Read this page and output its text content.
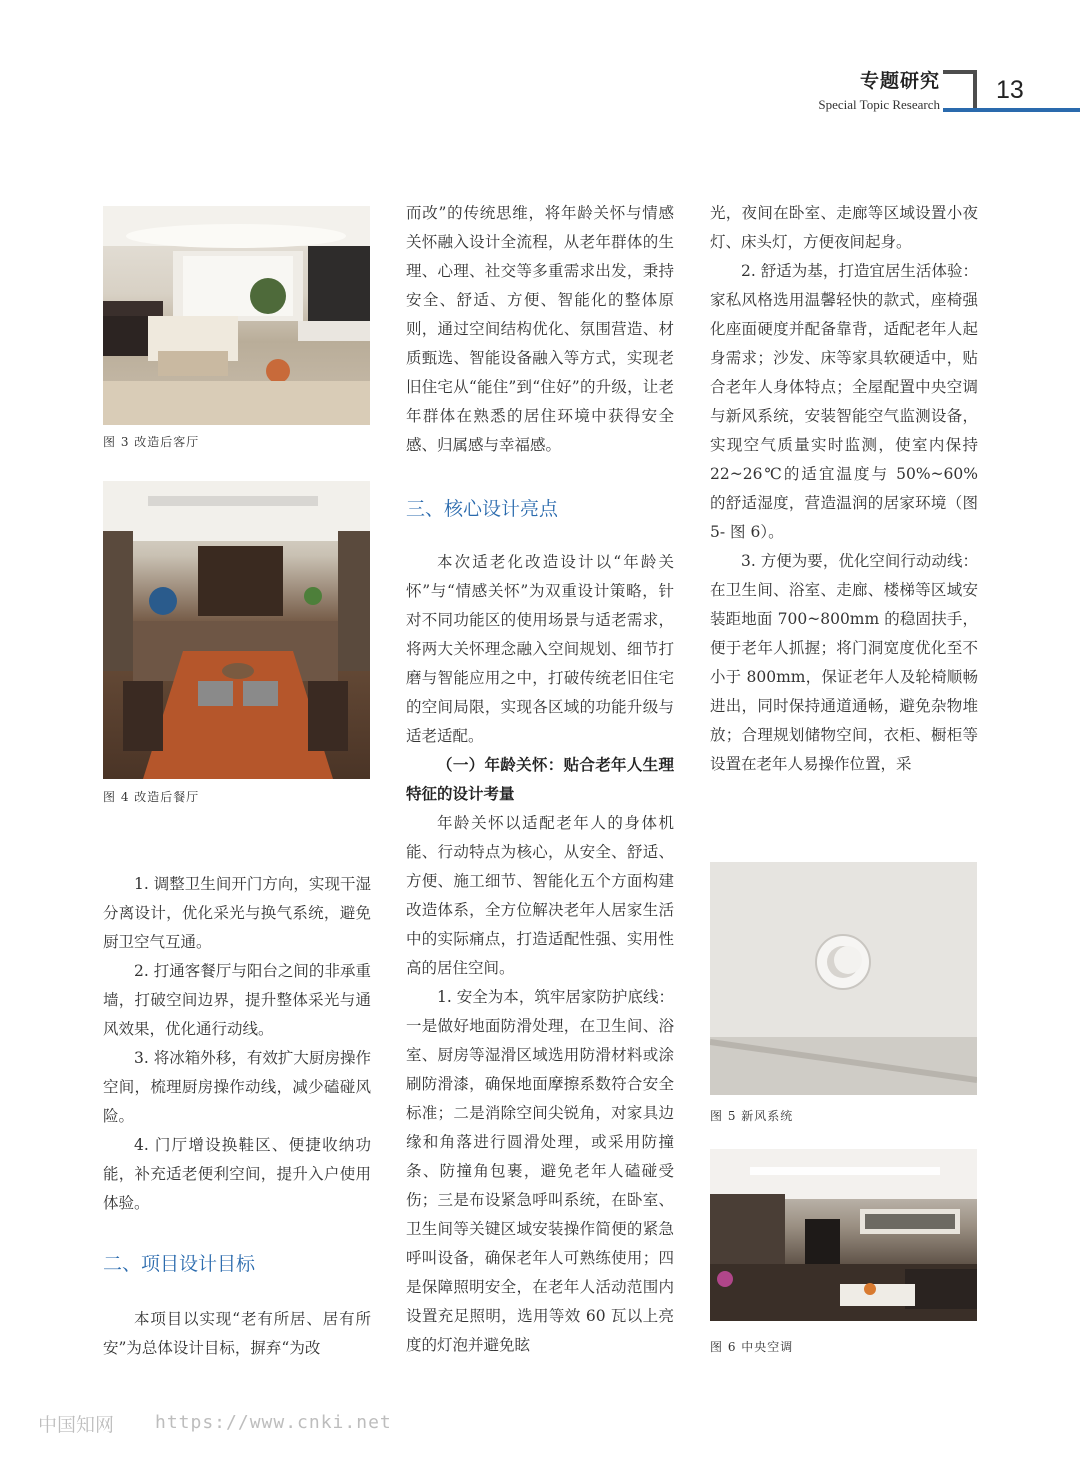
专题研究
Special Topic Research
13
图 3 改造后客厅
图 4 改造后餐厅

1. 调整卫生间开门方向，实现干湿分离设计，优化采光与换气系统，避免厨卫空气互通。

2. 打通客餐厅与阳台之间的非承重墙，打破空间边界，提升整体采光与通风效果，优化通行动线。

3. 将冰箱外移，有效扩大厨房操作空间，梳理厨房操作动线，减少磕碰风险。

4. 门厅增设换鞋区、便捷收纳功能，补充适老便利空间，提升入户使用体验。

二、项目设计目标

本项目以实现“老有所居、居有所安”为总体设计目标，摒弃“为改

而改”的传统思维，将年龄关怀与情感关怀融入设计全流程，从老年群体的生理、心理、社交等多重需求出发，秉持安全、舒适、方便、智能化的整体原则，通过空间结构优化、氛围营造、材质甄选、智能设备融入等方式，实现老旧住宅从“能住”到“住好”的升级，让老年群体在熟悉的居住环境中获得安全感、归属感与幸福感。

三、核心设计亮点

本次适老化改造设计以“年龄关怀”与“情感关怀”为双重设计策略，针对不同功能区的使用场景与适老需求，将两大关怀理念融入空间规划、细节打磨与智能应用之中，打破传统老旧住宅的空间局限，实现各区域的功能升级与适老适配。

（一）年龄关怀：贴合老年人生理特征的设计考量

年龄关怀以适配老年人的身体机能、行动特点为核心，从安全、舒适、方便、施工细节、智能化五个方面构建改造体系，全方位解决老年人居家生活中的实际痛点，打造适配性强、实用性高的居住空间。

1. 安全为本，筑牢居家防护底线：一是做好地面防滑处理，在卫生间、浴室、厨房等湿滑区域选用防滑材料或涂刷防滑漆，确保地面摩擦系数符合安全标准；二是消除空间尖锐角，对家具边缘和角落进行圆滑处理，或采用防撞条、防撞角包裹，避免老年人磕碰受伤；三是布设紧急呼叫系统，在卧室、卫生间等关键区域安装操作简便的紧急呼叫设备，确保老年人可熟练使用；四是保障照明安全，在老年人活动范围内设置充足照明，选用等效 60 瓦以上亮度的灯泡并避免眩

光，夜间在卧室、走廊等区域设置小夜灯、床头灯，方便夜间起身。

2. 舒适为基，打造宜居生活体验：家私风格选用温馨轻快的款式，座椅强化座面硬度并配备靠背，适配老年人起身需求；沙发、床等家具软硬适中，贴合老年人身体特点；全屋配置中央空调与新风系统，安装智能空气监测设备，实现空气质量实时监测，使室内保持 22~26℃的适宜温度与 50%~60% 的舒适湿度，营造温润的居家环境（图 5- 图 6）。

3. 方便为要，优化空间行动动线：在卫生间、浴室、走廊、楼梯等区域安装距地面 700~800mm 的稳固扶手，便于老年人抓握；将门洞宽度优化至不小于 800mm，保证老年人及轮椅顺畅进出，同时保持通道通畅，避免杂物堆放；合理规划储物空间，衣柜、橱柜等设置在老年人易操作位置，采

图 5 新风系统
图 6 中央空调
中国知网 https://www.cnki.net
